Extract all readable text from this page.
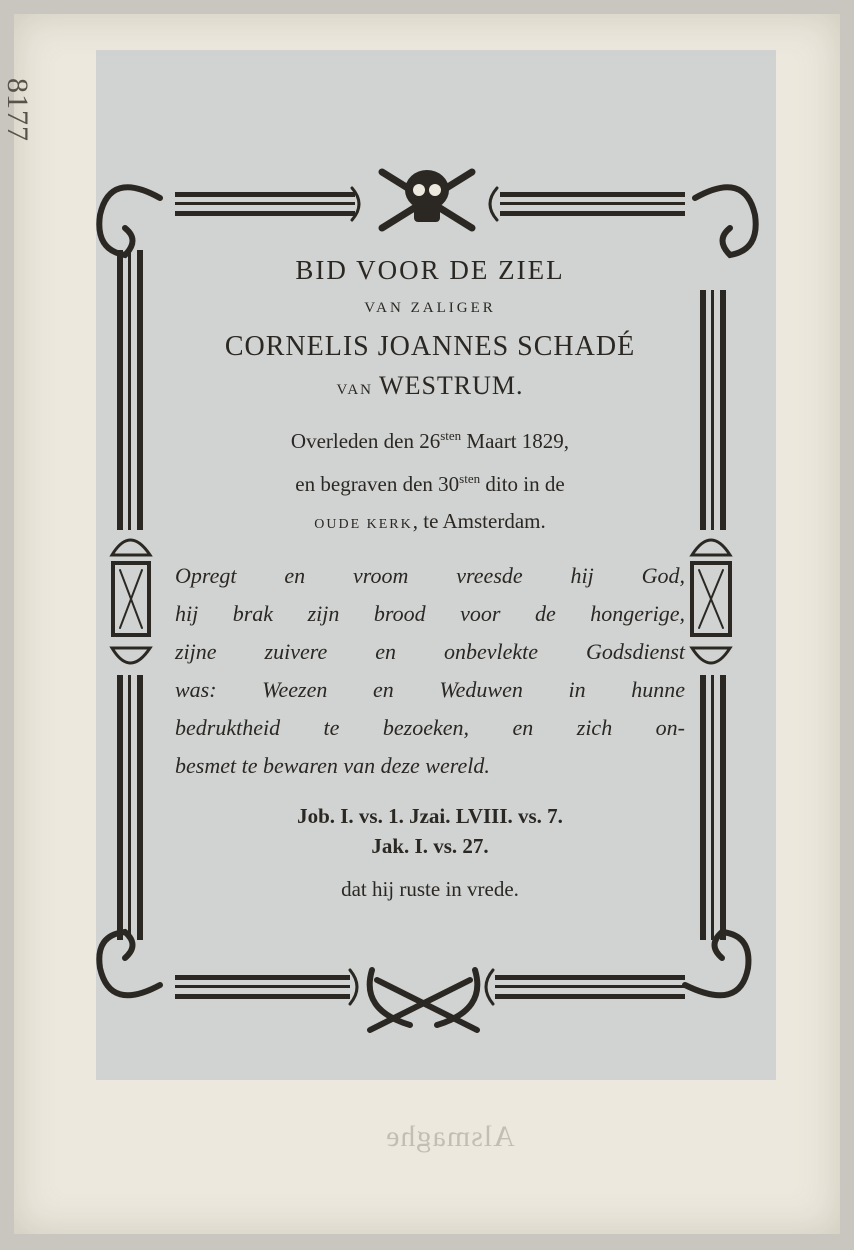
Alsmaghe
8177
BID VOOR DE ZIEL
VAN ZALIGER
CORNELIS JOANNES SCHADÉ
VAN WESTRUM.
Overleden den $26^{sten}$ Maart 1829,
en begraven den $30^{sten}$ dito in de
OUDE KERK, te Amsterdam.
Opregt en vroom vreesde hij God,
hij brak zijn brood voor de hongerige,
zijne zuivere en onbevlekte Godsdienst
was: Weezen en Weduwen in hunne
bedruktheid te bezoeken, en zich on-
besmet te bewaren van deze wereld.
Job. I. vs. 1. Jzai. LVIII. vs. 7.
Jak. I. vs. 27.
dat hij ruste in vrede.
